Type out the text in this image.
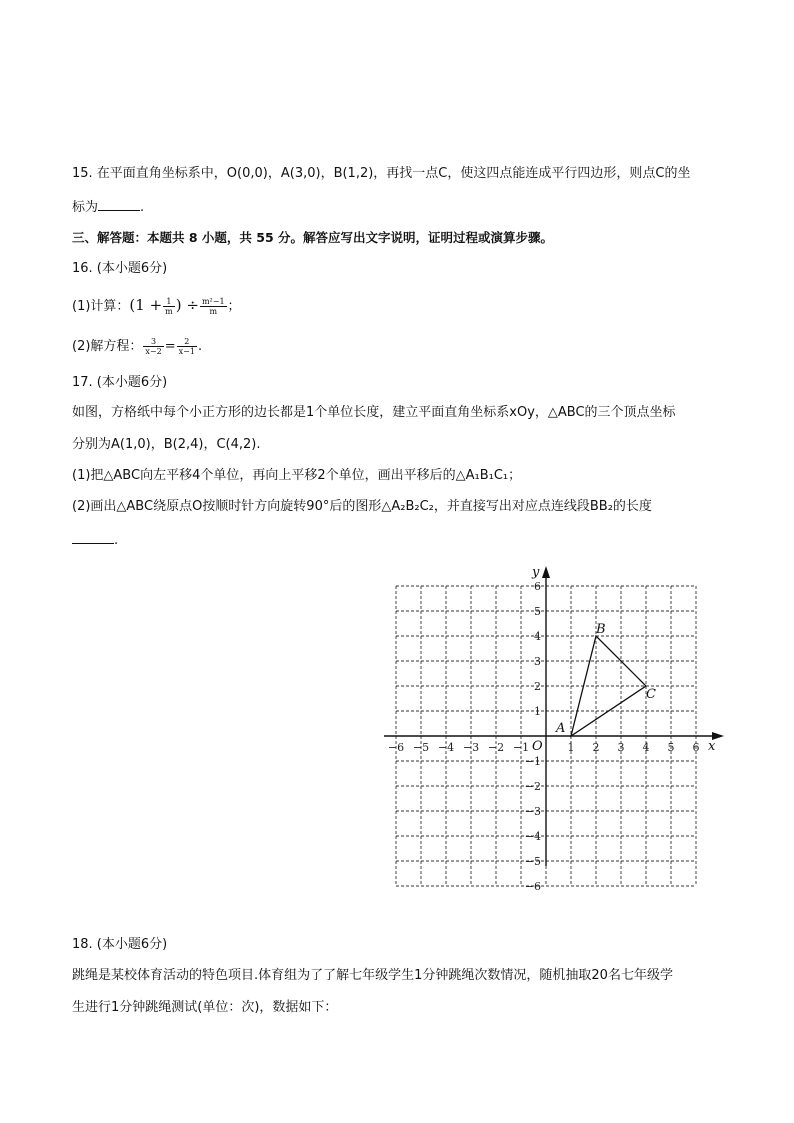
15. 在平面直角坐标系中，O(0,0)，A(3,0)，B(1,2)，再找一点C，使这四点能连成平行四边形，则点C的坐
标为	.
三、解答题：本题共 8 小题，共 55 分。解答应写出文字说明，证明过程或演算步骤。
16. (本小题6分)
(1)计算：($1 + \frac{1}{m}$ ) ÷ $\frac{\text{m²−1}}{m}$ ；
(2)解方程： $\frac{3}{x-2} = \frac{2}{x-1}$ .
17. (本小题6分)
如图，方格纸中每个小正方形的边长都是1个单位长度，建立平面直角坐标系xOy，△ABC的三个顶点坐标
分别为A(1,0)，B(2,4)，C(4,2).
(1)把△ABC向左平移4个单位，再向上平移2个单位，画出平移后的△A₁B₁C₁；
(2)画出△ABC绕原点O按顺时针方向旋转90°后的图形△A₂B₂C₂，并直接写出对应点连线段BB₂的长度
.
x
y
O
−6 −5 −4 −3 −2 −1	1 2 3 4 5 6
6
5
4
3
2
1
−1
−2
−3
−4
−5
−6
A
B
C
18. (本小题6分)
跳绳是某校体育活动的特色项目.体育组为了了解七年级学生1分钟跳绳次数情况，随机抽取20名七年级学
生进行1分钟跳绳测试(单位：次)，数据如下：
